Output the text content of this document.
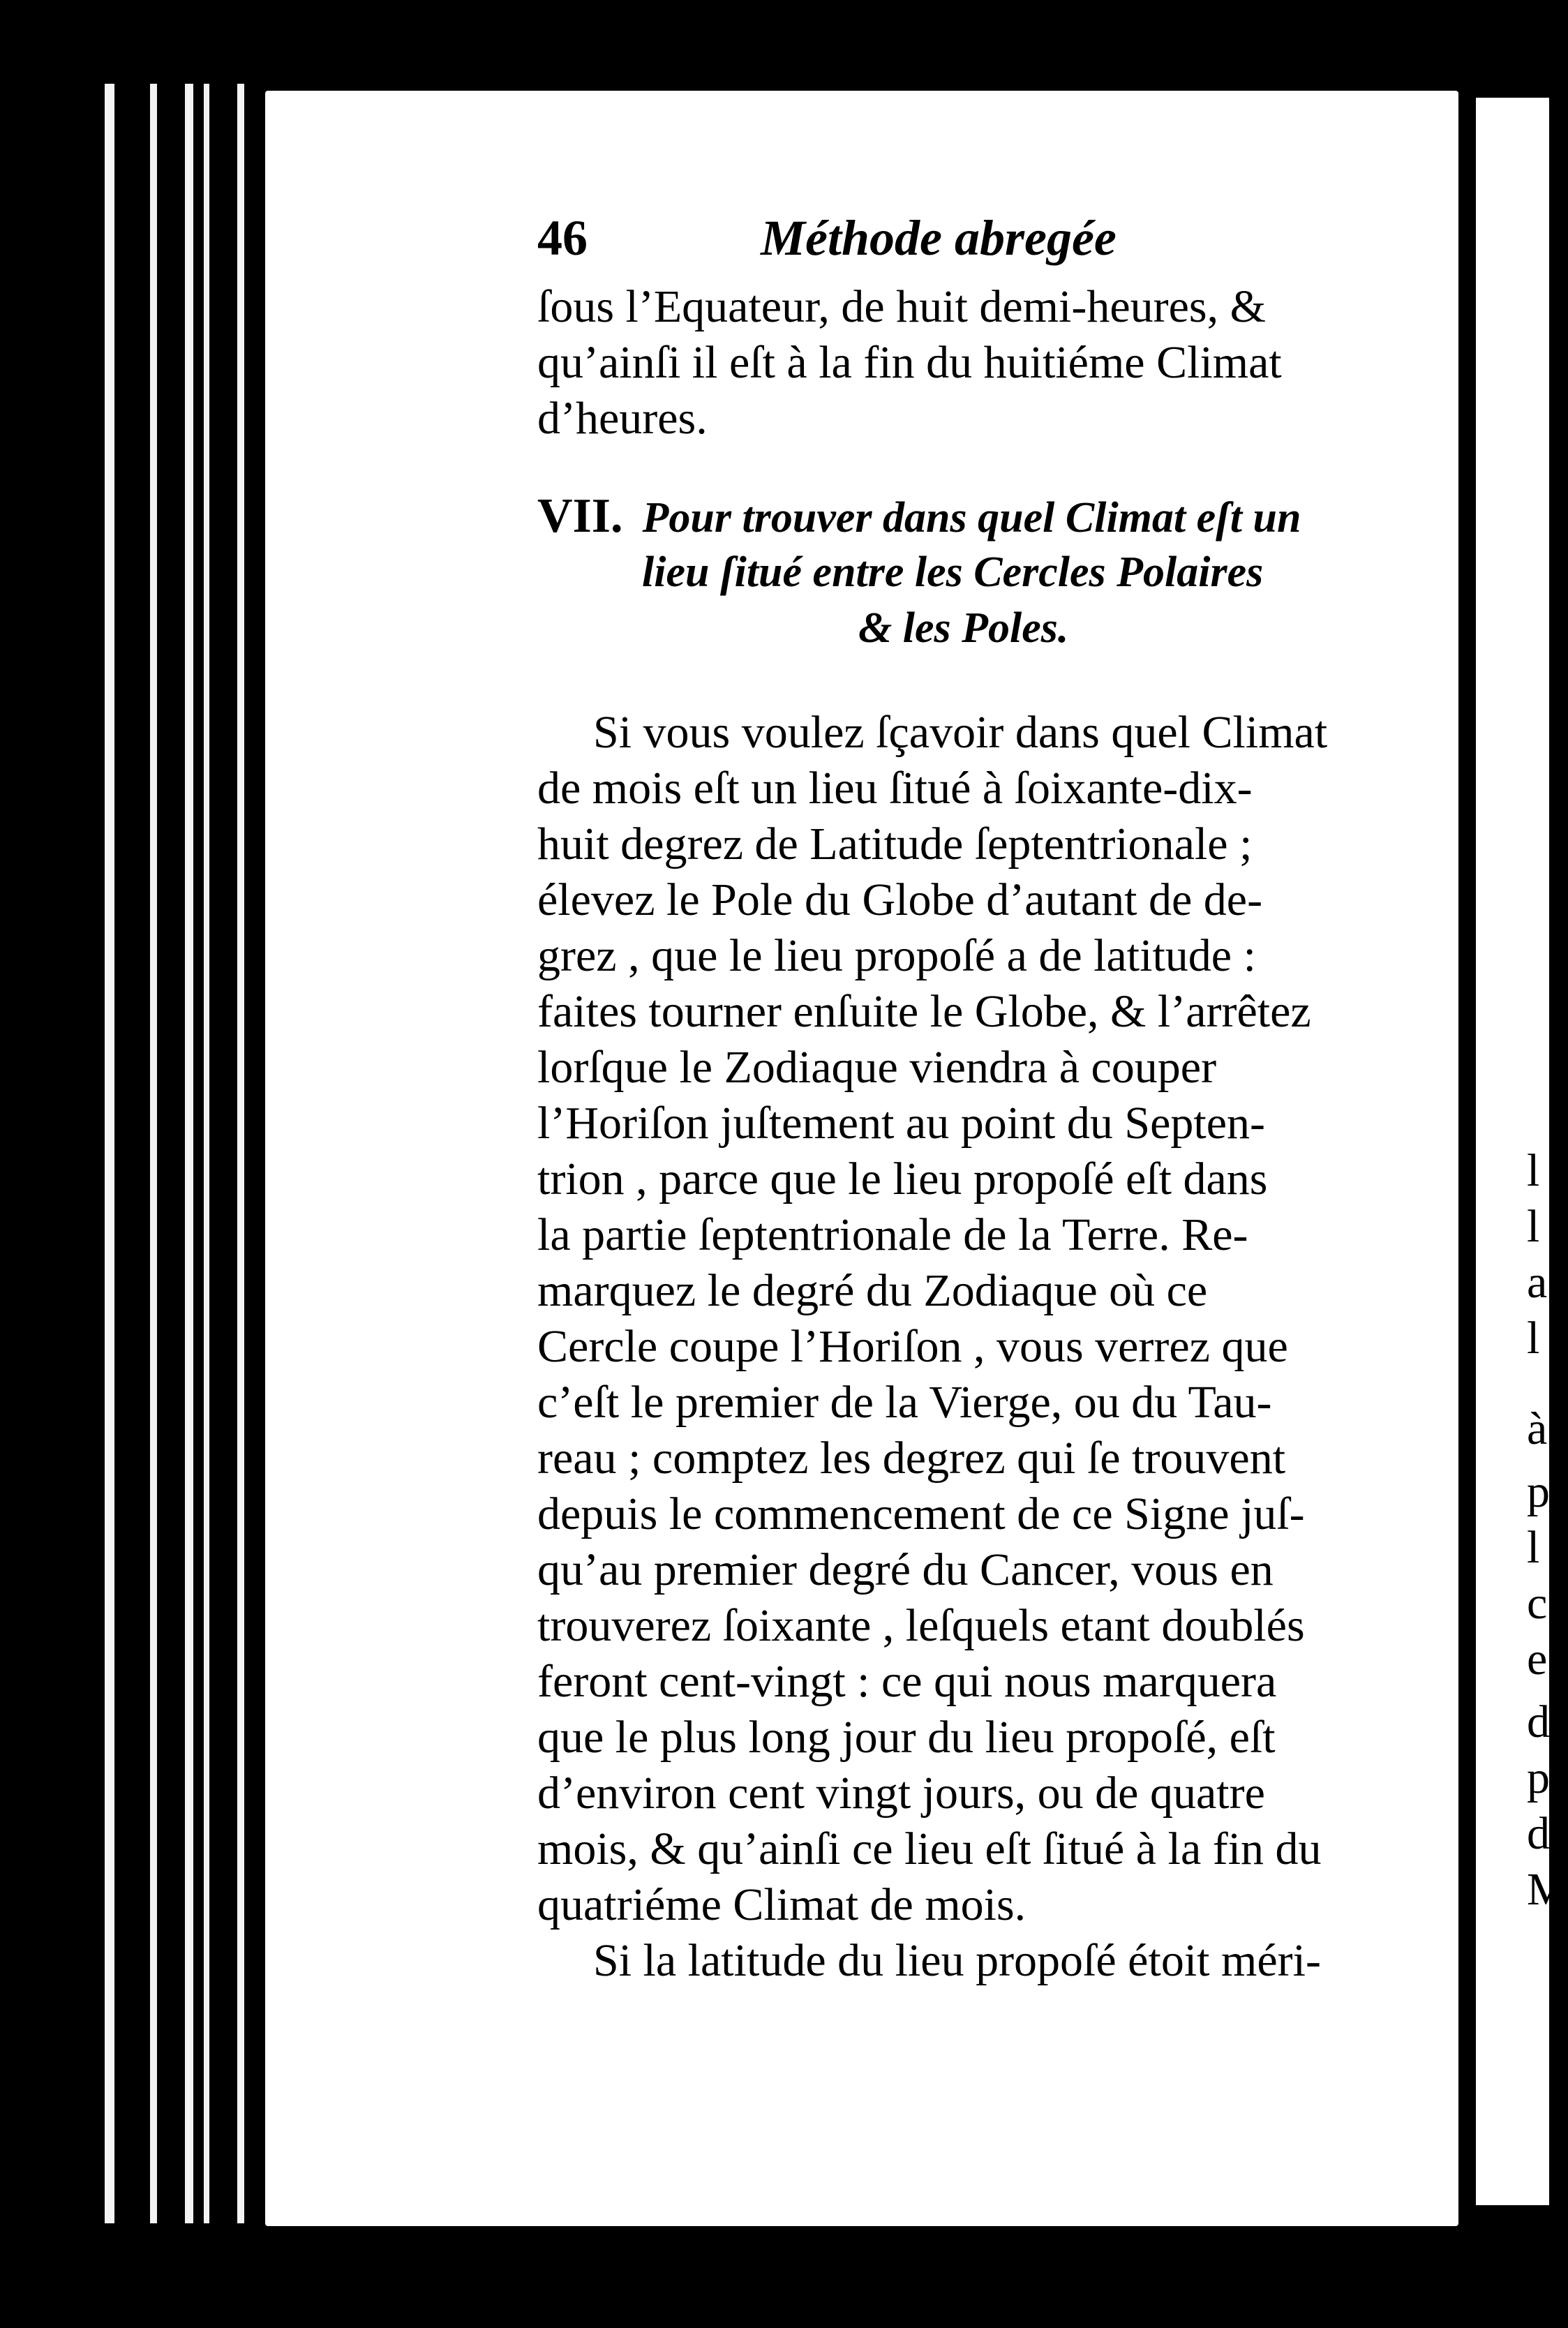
l
l
a
l
à
p
l
c
e
d
p
d
M
46	Méthode abregée
ſous l’Equateur, de huit demi-heures, &
qu’ainſi il eſt à la fin du huitiéme Climat
d’heures.
VII. Pour trouver dans quel Climat eſt un
lieu ſitué entre les Cercles Polaires
& les Poles.
Si vous voulez ſçavoir dans quel Climat
de mois eſt un lieu ſitué à ſoixante-dix-
huit degrez de Latitude ſeptentrionale ;
élevez le Pole du Globe d’autant de de-
grez , que le lieu propoſé a de latitude :
faites tourner enſuite le Globe, & l’arrêtez
lorſque le Zodiaque viendra à couper
l’Horiſon juſtement au point du Septen-
trion , parce que le lieu propoſé eſt dans
la partie ſeptentrionale de la Terre. Re-
marquez le degré du Zodiaque où ce
Cercle coupe l’Horiſon , vous verrez que
c’eſt le premier de la Vierge, ou du Tau-
reau ; comptez les degrez qui ſe trouvent
depuis le commencement de ce Signe juſ-
qu’au premier degré du Cancer, vous en
trouverez ſoixante , leſquels etant doublés
feront cent-vingt : ce qui nous marquera
que le plus long jour du lieu propoſé, eſt
d’environ cent vingt jours, ou de quatre
mois, & qu’ainſi ce lieu eſt ſitué à la fin du
quatriéme Climat de mois.
Si la latitude du lieu propoſé étoit méri-
